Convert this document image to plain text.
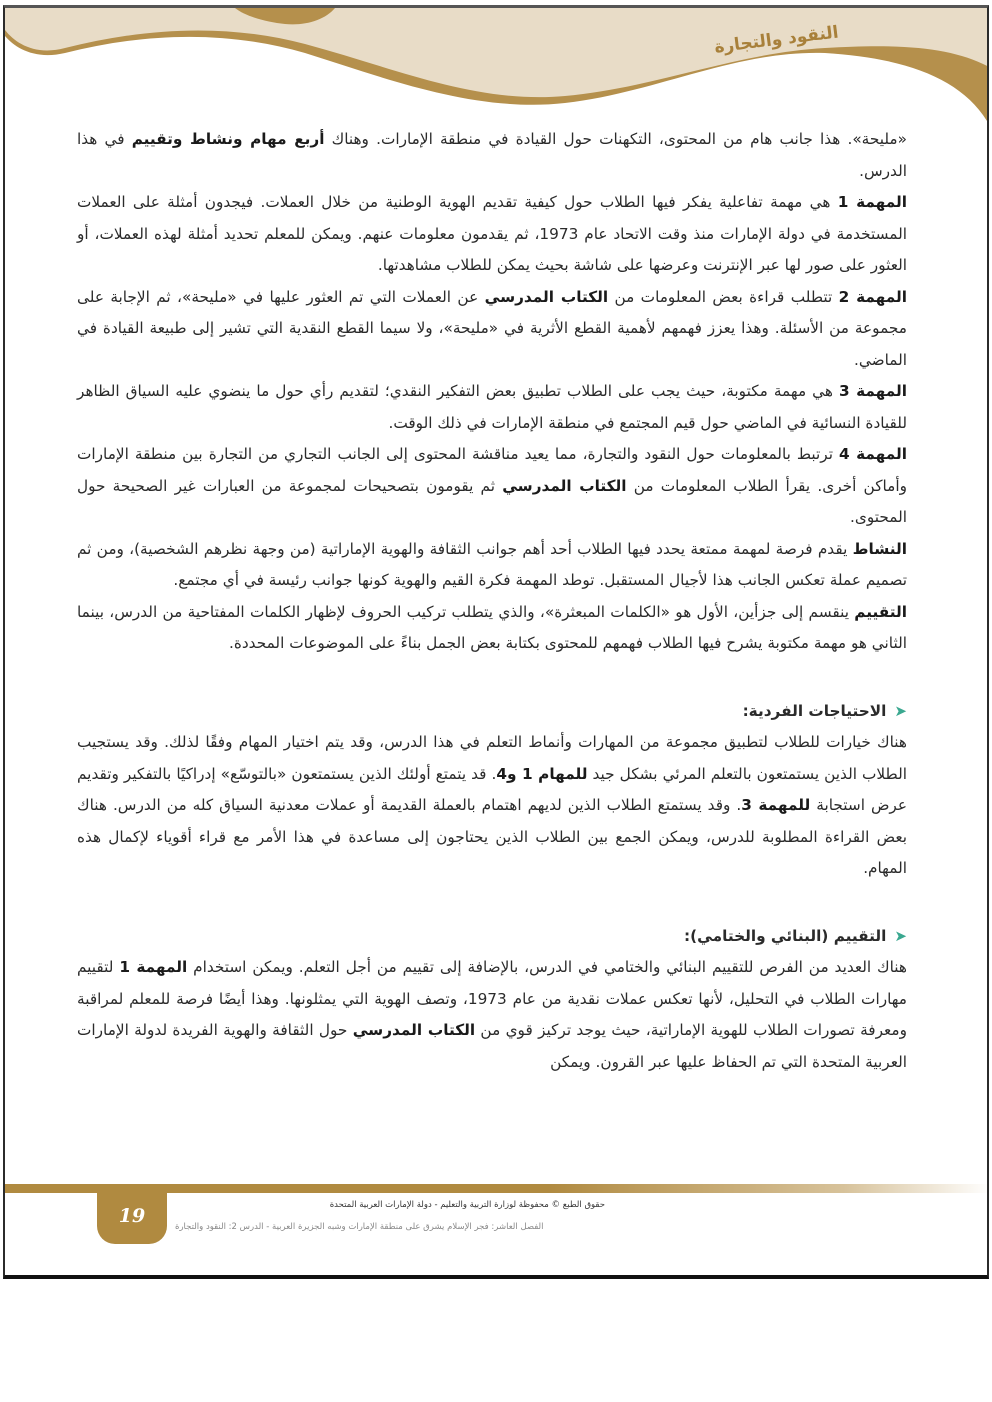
النقود والتجارة

«مليحة». هذا جانب هام من المحتوى، التكهنات حول القيادة في منطقة الإمارات. وهناك أربع مهام ونشاط وتقييم في هذا الدرس.

المهمة 1 هي مهمة تفاعلية يفكر فيها الطلاب حول كيفية تقديم الهوية الوطنية من خلال العملات. فيجدون أمثلة على العملات المستخدمة في دولة الإمارات منذ وقت الاتحاد عام 1973، ثم يقدمون معلومات عنهم. ويمكن للمعلم تحديد أمثلة لهذه العملات، أو العثور على صور لها عبر الإنترنت وعرضها على شاشة بحيث يمكن للطلاب مشاهدتها.

المهمة 2 تتطلب قراءة بعض المعلومات من الكتاب المدرسي عن العملات التي تم العثور عليها في «مليحة»، ثم الإجابة على مجموعة من الأسئلة. وهذا يعزز فهمهم لأهمية القطع الأثرية في «مليحة»، ولا سيما القطع النقدية التي تشير إلى طبيعة القيادة في الماضي.

المهمة 3 هي مهمة مكتوبة، حيث يجب على الطلاب تطبيق بعض التفكير النقدي؛ لتقديم رأي حول ما ينضوي عليه السياق الظاهر للقيادة النسائية في الماضي حول قيم المجتمع في منطقة الإمارات في ذلك الوقت.

المهمة 4 ترتبط بالمعلومات حول النقود والتجارة، مما يعيد مناقشة المحتوى إلى الجانب التجاري من التجارة بين منطقة الإمارات وأماكن أخرى. يقرأ الطلاب المعلومات من الكتاب المدرسي ثم يقومون بتصحيحات لمجموعة من العبارات غير الصحيحة حول المحتوى.

النشاط يقدم فرصة لمهمة ممتعة يحدد فيها الطلاب أحد أهم جوانب الثقافة والهوية الإماراتية (من وجهة نظرهم الشخصية)، ومن ثم تصميم عملة تعكس الجانب هذا لأجيال المستقبل. توطد المهمة فكرة القيم والهوية كونها جوانب رئيسة في أي مجتمع.

التقييم ينقسم إلى جزأين، الأول هو «الكلمات المبعثرة»، والذي يتطلب تركيب الحروف لإظهار الكلمات المفتاحية من الدرس، بينما الثاني هو مهمة مكتوبة يشرح فيها الطلاب فهمهم للمحتوى بكتابة بعض الجمل بناءً على الموضوعات المحددة.

➤
الاحتياجات الفردية:

هناك خيارات للطلاب لتطبيق مجموعة من المهارات وأنماط التعلم في هذا الدرس، وقد يتم اختيار المهام وفقًا لذلك. وقد يستجيب الطلاب الذين يستمتعون بالتعلم المرئي بشكل جيد للمهام 1 و4. قد يتمتع أولئك الذين يستمتعون «بالتوسّع» إدراكيًا بالتفكير وتقديم عرض استجابة للمهمة 3. وقد يستمتع الطلاب الذين لديهم اهتمام بالعملة القديمة أو عملات معدنية السياق كله من الدرس. هناك بعض القراءة المطلوبة للدرس، ويمكن الجمع بين الطلاب الذين يحتاجون إلى مساعدة في هذا الأمر مع قراء أقوياء لإكمال هذه المهام.

➤
التقييم (البنائي والختامي):

هناك العديد من الفرص للتقييم البنائي والختامي في الدرس، بالإضافة إلى تقييم من أجل التعلم. ويمكن استخدام المهمة 1 لتقييم مهارات الطلاب في التحليل، لأنها تعكس عملات نقدية من عام 1973، وتصف الهوية التي يمثلونها. وهذا أيضًا فرصة للمعلم لمراقبة ومعرفة تصورات الطلاب للهوية الإماراتية، حيث يوجد تركيز قوي من الكتاب المدرسي حول الثقافة والهوية الفريدة لدولة الإمارات العربية المتحدة التي تم الحفاظ عليها عبر القرون. ويمكن

19	حقوق الطبع © محفوظة لوزارة التربية والتعليم - دولة الإمارات العربية المتحدة
الفصل العاشر: فجر الإسلام يشرق على منطقة الإمارات وشبه الجزيرة العربية - الدرس 2: النقود والتجارة
